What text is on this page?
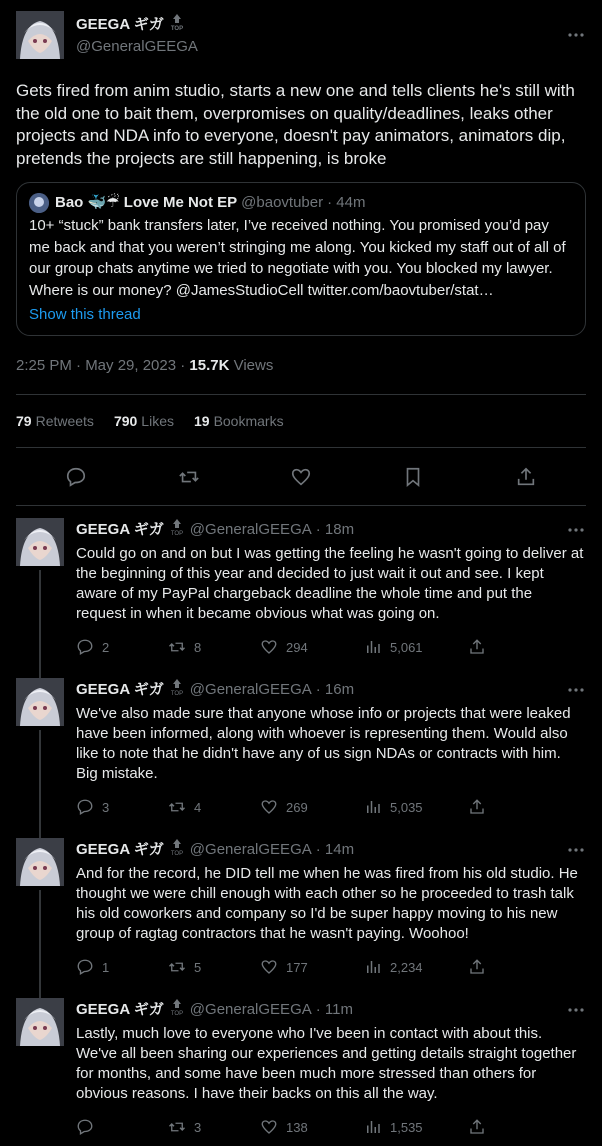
GEEGA ギガ TOP
@GeneralGEEGA
Gets fired from anim studio, starts a new one and tells clients he's still with the old one to bait them, overpromises on quality/deadlines, leaks other projects and NDA info to everyone, doesn't pay animators, animators dip, pretends the projects are still happening, is broke
Bao 🐳☔ Love Me Not EP @baovtuber · 44m
10+ “stuck” bank transfers later, I’ve received nothing. You promised you’d pay me back and that you weren’t stringing me along. You kicked my staff out of all of our group chats anytime we tried to negotiate with you. You blocked my lawyer. Where is our money? @JamesStudioCell twitter.com/baovtuber/stat…
Show this thread
2:25 PM · May 29, 2023 · 15.7K Views
79 Retweets 790 Likes 19 Bookmarks
GEEGA ギガ TOP @GeneralGEEGA · 18m
Could go on and on but I was getting the feeling he wasn't going to deliver at the beginning of this year and decided to just wait it out and see. I kept aware of my PayPal chargeback deadline the whole time and put the request in when it became obvious what was going on.
2	8	294	5,061
GEEGA ギガ TOP @GeneralGEEGA · 16m
We've also made sure that anyone whose info or projects that were leaked have been informed, along with whoever is representing them. Would also like to note that he didn't have any of us sign NDAs or contracts with him. Big mistake.
3	4	269	5,035
GEEGA ギガ TOP @GeneralGEEGA · 14m
And for the record, he DID tell me when he was fired from his old studio. He thought we were chill enough with each other so he proceeded to trash talk his old coworkers and company so I'd be super happy moving to his new group of ragtag contractors that he wasn't paying. Woohoo!
1	5	177	2,234
GEEGA ギガ TOP @GeneralGEEGA · 11m
Lastly, much love to everyone who I've been in contact with about this. We've all been sharing our experiences and getting details straight together for months, and some have been much more stressed than others for obvious reasons. I have their backs on this all the way.
3	138	1,535
